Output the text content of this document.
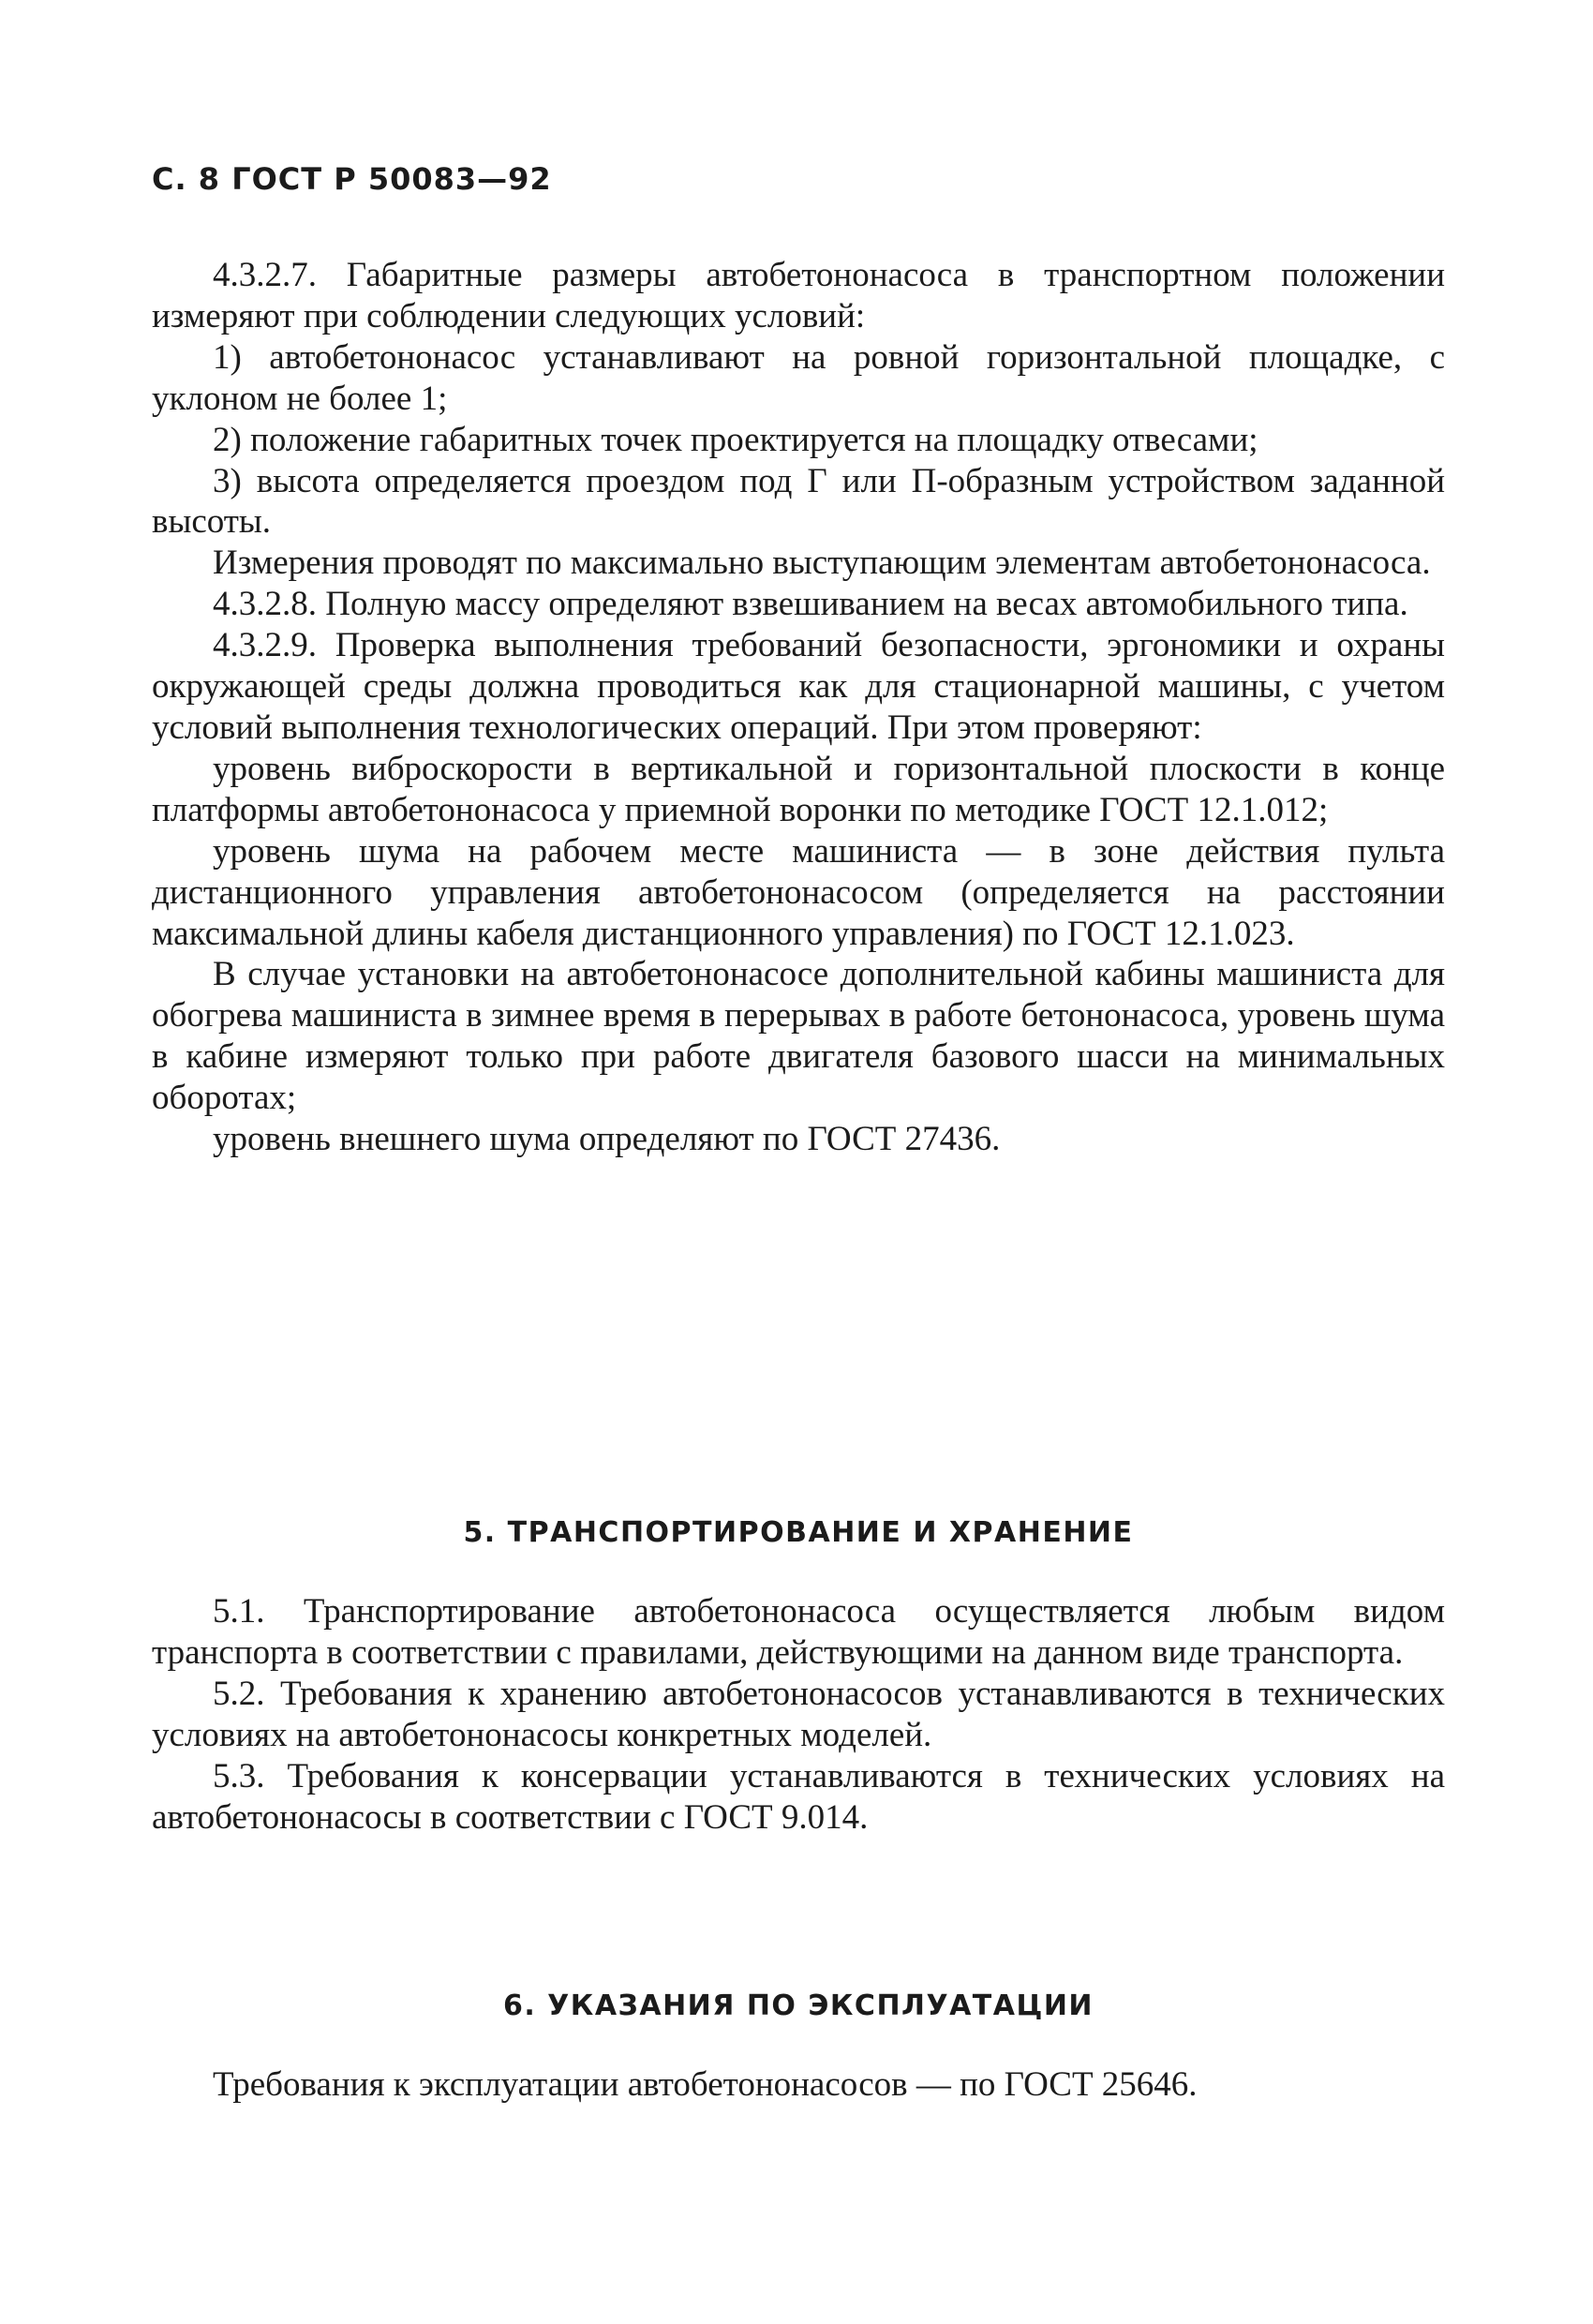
С. 8 ГОСТ Р 50083—92

4.3.2.7. Габаритные размеры автобетононасоса в транспортном положении измеряют при соблюдении следующих условий:

1) автобетононасос устанавливают на ровной горизонтальной площадке, с уклоном не более 1;

2) положение габаритных точек проектируется на площадку отвесами;

3) высота определяется проездом под Г или П-образным устройством заданной высоты.

Измерения проводят по максимально выступающим элементам автобетононасоса.

4.3.2.8. Полную массу определяют взвешиванием на весах автомобильного типа.

4.3.2.9. Проверка выполнения требований безопасности, эргономики и охраны окружающей среды должна проводиться как для стационарной машины, с учетом условий выполнения технологических операций. При этом проверяют:

уровень виброскорости в вертикальной и горизонтальной плоскости в конце платформы автобетононасоса у приемной воронки по методике ГОСТ 12.1.012;

уровень шума на рабочем месте машиниста — в зоне действия пульта дистанционного управления автобетононасосом (определяется на расстоянии максимальной длины кабеля дистанционного управления) по ГОСТ 12.1.023.

В случае установки на автобетононасосе дополнительной кабины машиниста для обогрева машиниста в зимнее время в перерывах в работе бетононасоса, уровень шума в кабине измеряют только при работе двигателя базового шасси на минимальных оборотах;

уровень внешнего шума определяют по ГОСТ 27436.

5. ТРАНСПОРТИРОВАНИЕ И ХРАНЕНИЕ

5.1. Транспортирование автобетононасоса осуществляется любым видом транспорта в соответствии с правилами, действующими на данном виде транспорта.

5.2. Требования к хранению автобетононасосов устанавливаются в технических условиях на автобетононасосы конкретных моделей.

5.3. Требования к консервации устанавливаются в технических условиях на автобетононасосы в соответствии с ГОСТ 9.014.

6. УКАЗАНИЯ ПО ЭКСПЛУАТАЦИИ

Требования к эксплуатации автобетононасосов — по ГОСТ 25646.
